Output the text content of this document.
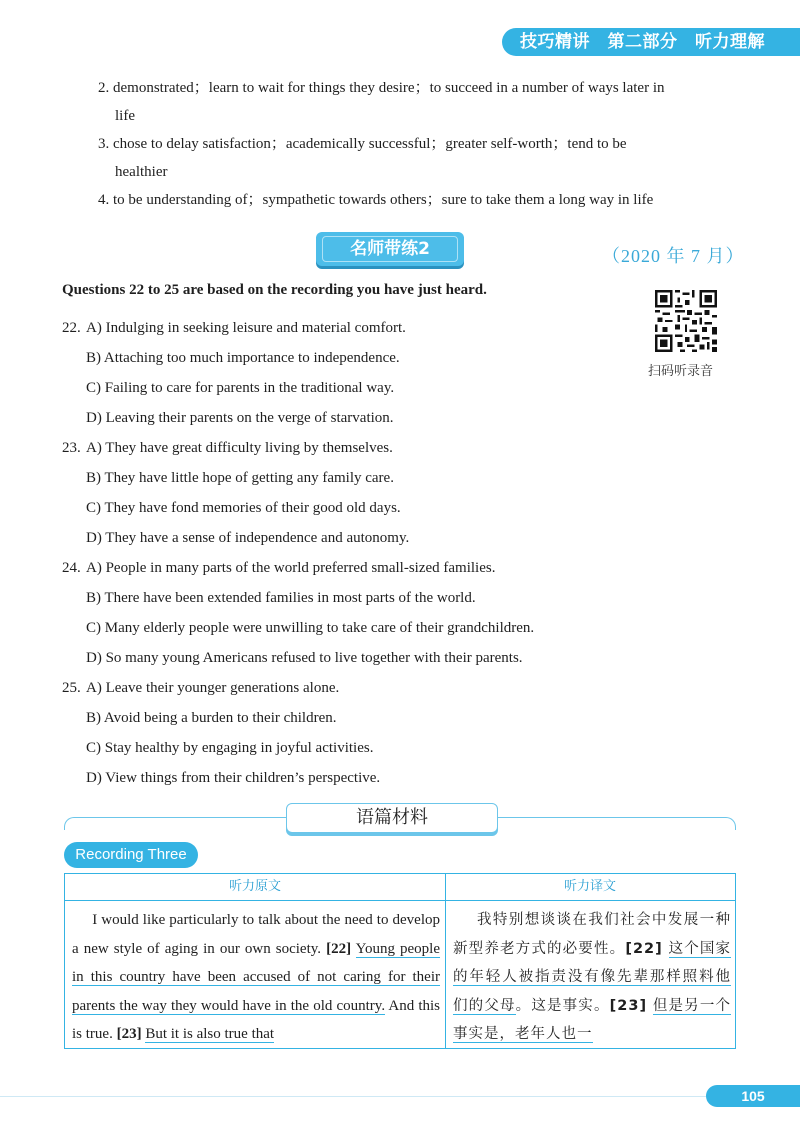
技巧精讲　第二部分　听力理解
2. demonstrated；learn to wait for things they desire；to succeed in a number of ways later in
life
3. chose to delay satisfaction；academically successful；greater self-worth；tend to be
healthier
4. to be understanding of；sympathetic towards others；sure to take them a long way in life
名师带练2	（2020 年 7 月）
Questions 22 to 25 are based on the recording you have just heard.
扫码听录音
22. A) Indulging in seeking leisure and material comfort.
B) Attaching too much importance to independence.
C) Failing to care for parents in the traditional way.
D) Leaving their parents on the verge of starvation.
23. A) They have great difficulty living by themselves.
B) They have little hope of getting any family care.
C) They have fond memories of their good old days.
D) They have a sense of independence and autonomy.
24. A) People in many parts of the world preferred small-sized families.
B) There have been extended families in most parts of the world.
C) Many elderly people were unwilling to take care of their grandchildren.
D) So many young Americans refused to live together with their parents.
25. A) Leave their younger generations alone.
B) Avoid being a burden to their children.
C) Stay healthy by engaging in joyful activities.
D) View things from their children’s perspective.
语篇材料
Recording Three
听力原文	听力译文
I would like particularly to talk about the need to develop a new style of aging in our own society. [22] Young people in this country have been accused of not caring for their parents the way they would have in the old country. And this is true. [23] But it is also true that
我特别想谈谈在我们社会中发展一种新型养老方式的必要性。[22] 这个国家的年轻人被指责没有像先辈那样照料他们的父母。这是事实。[23] 但是另一个事实是，老年人也一
105
